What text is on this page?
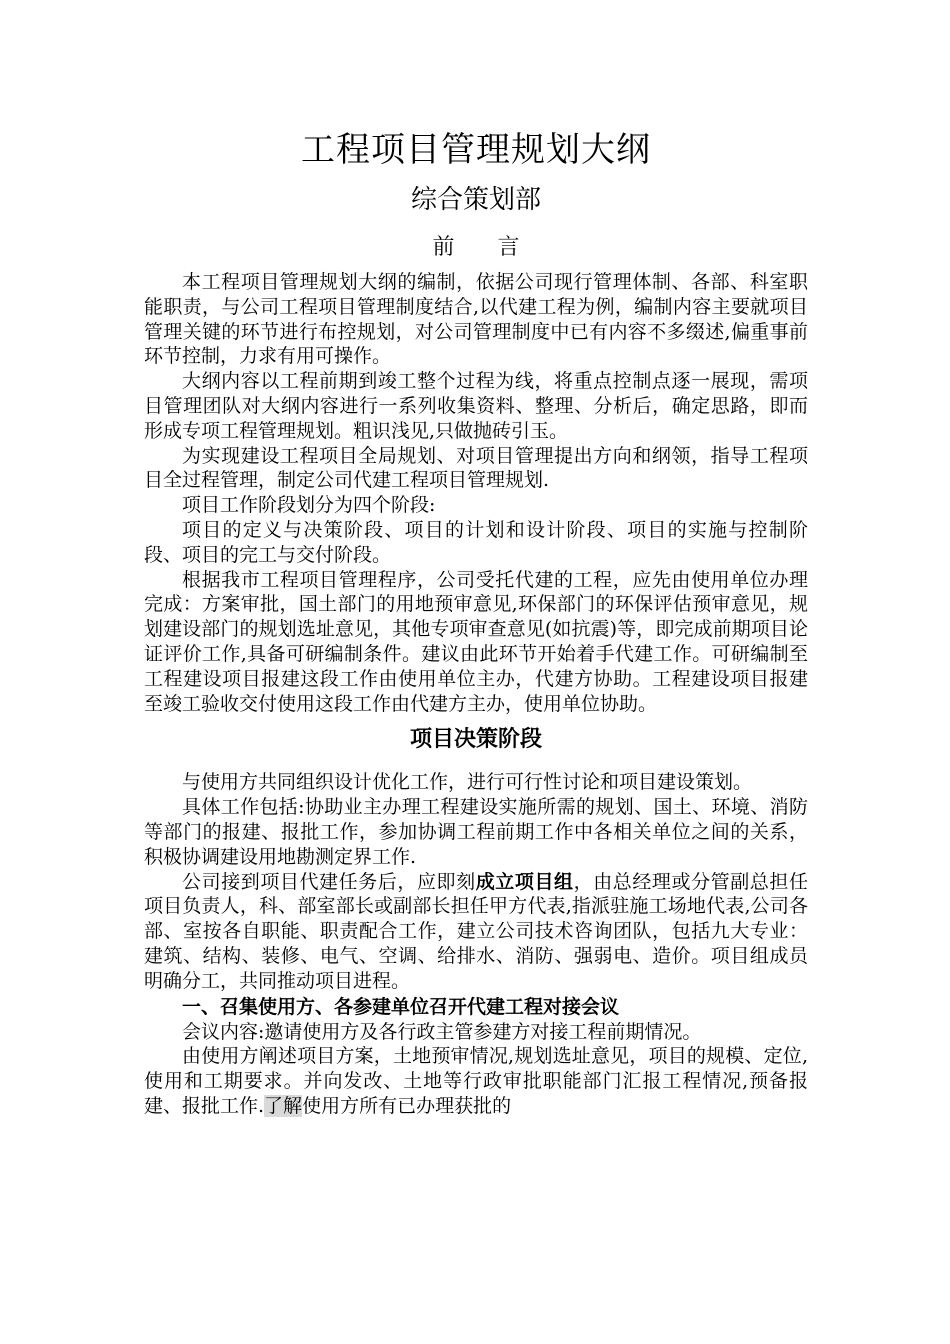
工程项目管理规划大纲
综合策划部
前 言

本工程项目管理规划大纲的编制，依据公司现行管理体制、各部、科室职能职责，与公司工程项目管理制度结合,以代建工程为例，编制内容主要就项目管理关键的环节进行布控规划，对公司管理制度中已有内容不多缀述,偏重事前环节控制，力求有用可操作。

大纲内容以工程前期到竣工整个过程为线，将重点控制点逐一展现，需项目管理团队对大纲内容进行一系列收集资料、整理、分析后，确定思路，即而形成专项工程管理规划。粗识浅见,只做抛砖引玉。

为实现建设工程项目全局规划、对项目管理提出方向和纲领，指导工程项目全过程管理，制定公司代建工程项目管理规划.

项目工作阶段划分为四个阶段:

项目的定义与决策阶段、项目的计划和设计阶段、项目的实施与控制阶段、项目的完工与交付阶段。

根据我市工程项目管理程序，公司受托代建的工程，应先由使用单位办理完成：方案审批，国土部门的用地预审意见,环保部门的环保评估预审意见，规划建设部门的规划选址意见，其他专项审查意见(如抗震)等，即完成前期项目论证评价工作,具备可研编制条件。建议由此环节开始着手代建工作。可研编制至工程建设项目报建这段工作由使用单位主办，代建方协助。工程建设项目报建至竣工验收交付使用这段工作由代建方主办，使用单位协助。

项目决策阶段

与使用方共同组织设计优化工作，进行可行性讨论和项目建设策划。

具体工作包括:协助业主办理工程建设实施所需的规划、国土、环境、消防等部门的报建、报批工作，参加协调工程前期工作中各相关单位之间的关系，积极协调建设用地勘测定界工作.

公司接到项目代建任务后，应即刻成立项目组，由总经理或分管副总担任项目负责人，科、部室部长或副部长担任甲方代表,指派驻施工场地代表,公司各部、室按各自职能、职责配合工作，建立公司技术咨询团队，包括九大专业：建筑、结构、装修、电气、空调、给排水、消防、强弱电、造价。项目组成员明确分工，共同推动项目进程。

一、召集使用方、各参建单位召开代建工程对接会议

会议内容:邀请使用方及各行政主管参建方对接工程前期情况。

由使用方阐述项目方案，土地预审情况,规划选址意见，项目的规模、定位,使用和工期要求。并向发改、土地等行政审批职能部门汇报工程情况,预备报建、报批工作.了解使用方所有已办理获批的
